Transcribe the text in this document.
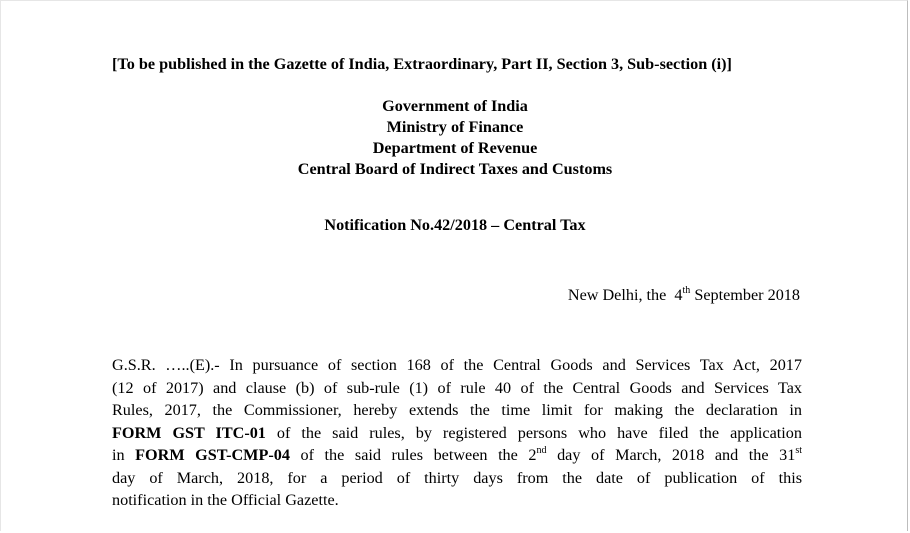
[To be published in the Gazette of India, Extraordinary, Part II, Section 3, Sub-section (i)]
Government of India
Ministry of Finance
Department of Revenue
Central Board of Indirect Taxes and Customs
Notification No.42/2018 – Central Tax
New Delhi, the 4th September 2018
G.S.R. …..(E).- In pursuance of section 168 of the Central Goods and Services Tax Act, 2017
(12 of 2017) and clause (b) of sub-rule (1) of rule 40 of the Central Goods and Services Tax
Rules, 2017, the Commissioner, hereby extends the time limit for making the declaration in
FORM GST ITC-01 of the said rules, by registered persons who have filed the application
in FORM GST-CMP-04 of the said rules between the 2nd day of March, 2018 and the 31st
day of March, 2018, for a period of thirty days from the date of publication of this
notification in the Official Gazette.
